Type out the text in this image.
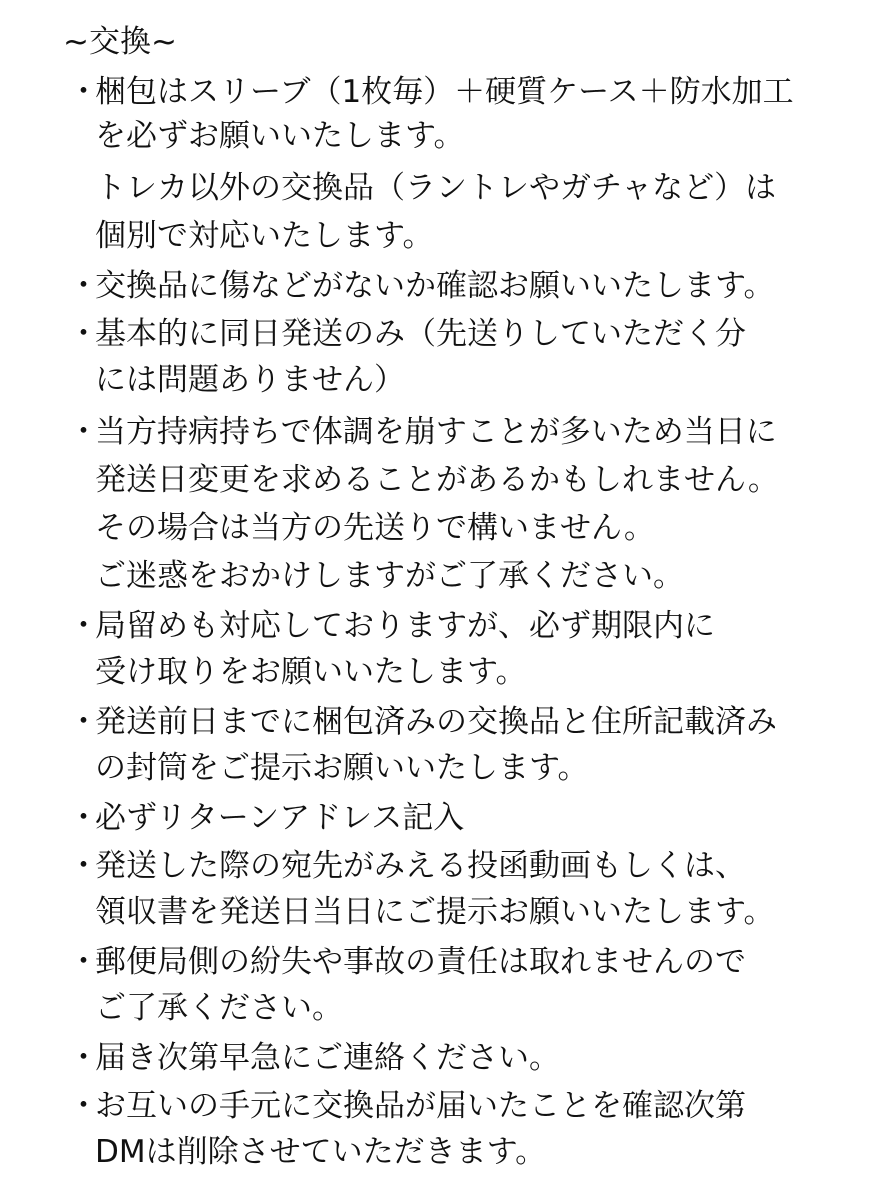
~交換~
・
梱包はスリーブ（1枚毎）＋硬質ケース＋防水加工
を必ずお願いいたします。
トレカ以外の交換品（ラントレやガチャなど）は
個別で対応いたします。
・
交換品に傷などがないか確認お願いいたします。
・
基本的に同日発送のみ（先送りしていただく分
には問題ありません）
・
当方持病持ちで体調を崩すことが多いため当日に
発送日変更を求めることがあるかもしれません。
その場合は当方の先送りで構いません。
ご迷惑をおかけしますがご了承ください。
・
局留めも対応しておりますが、必ず期限内に
受け取りをお願いいたします。
・
発送前日までに梱包済みの交換品と住所記載済み
の封筒をご提示お願いいたします。
・
必ずリターンアドレス記入
・
発送した際の宛先がみえる投函動画もしくは、
領収書を発送日当日にご提示お願いいたします。
・
郵便局側の紛失や事故の責任は取れませんので
ご了承ください。
・
届き次第早急にご連絡ください。
・
お互いの手元に交換品が届いたことを確認次第
DMは削除させていただきます。
